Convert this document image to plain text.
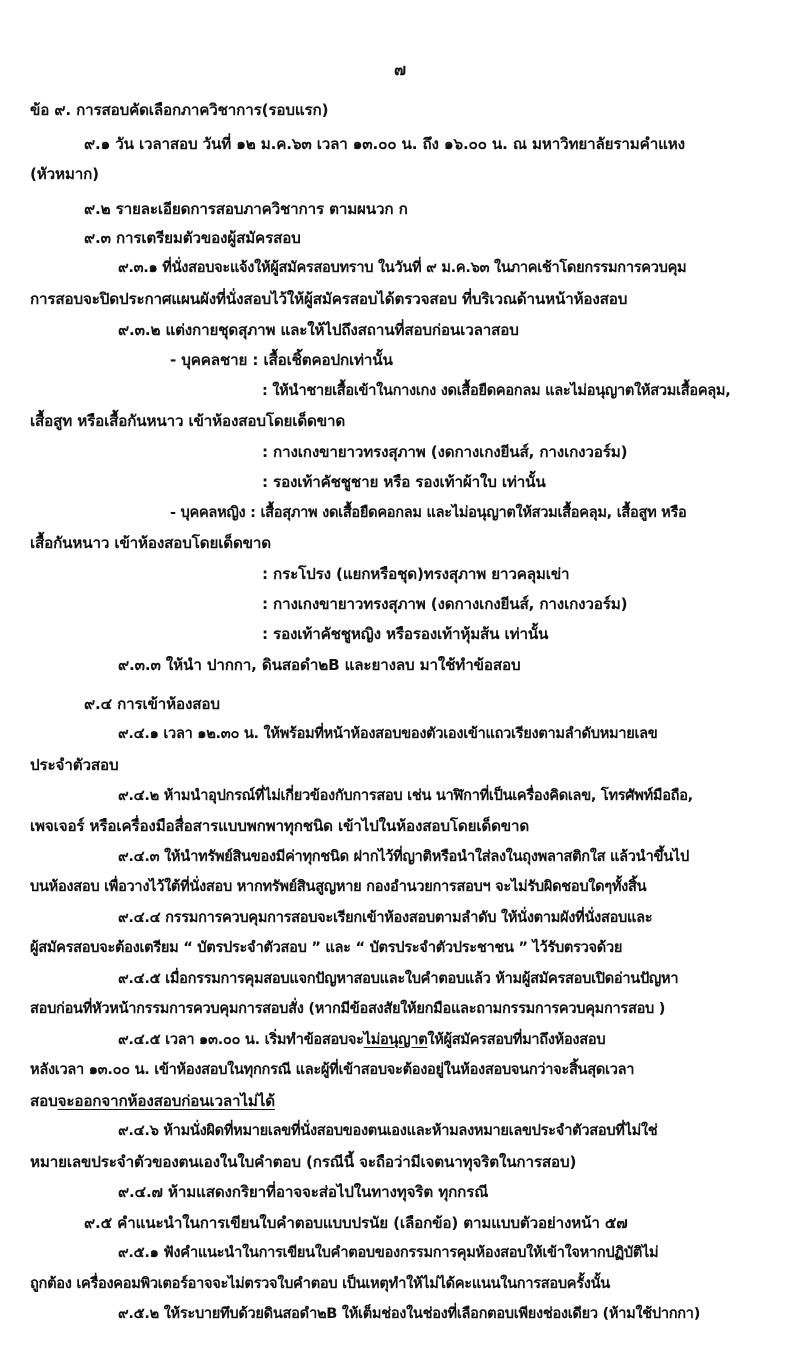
๗
ข้อ ๙. การสอบคัดเลือกภาควิชาการ(รอบแรก)
๙.๑ วัน เวลาสอบ วันที่ ๑๒ ม.ค.๖๓ เวลา ๑๓.๐๐ น. ถึง ๑๖.๐๐ น. ณ มหาวิทยาลัยรามคำแหง
(หัวหมาก)
๙.๒ รายละเอียดการสอบภาควิชาการ ตามผนวก ก
๙.๓ การเตรียมตัวของผู้สมัครสอบ
๙.๓.๑ ที่นั่งสอบจะแจ้งให้ผู้สมัครสอบทราบ ในวันที่ ๙ ม.ค.๖๓ ในภาคเช้าโดยกรรมการควบคุม
การสอบจะปิดประกาศแผนผังที่นั่งสอบไว้ให้ผู้สมัครสอบได้ตรวจสอบ ที่บริเวณด้านหน้าห้องสอบ
๙.๓.๒ แต่งกายชุดสุภาพ และให้ไปถึงสถานที่สอบก่อนเวลาสอบ
- บุคคลชาย : เสื้อเชิ้ตคอปกเท่านั้น
: ให้นำชายเสื้อเข้าในกางเกง งดเสื้อยืดคอกลม และไม่อนุญาตให้สวมเสื้อคลุม,
เสื้อสูท หรือเสื้อกันหนาว เข้าห้องสอบโดยเด็ดขาด
: กางเกงขายาวทรงสุภาพ (งดกางเกงยีนส์, กางเกงวอร์ม)
: รองเท้าคัชชูชาย หรือ รองเท้าผ้าใบ เท่านั้น
- บุคคลหญิง : เสื้อสุภาพ งดเสื้อยืดคอกลม และไม่อนุญาตให้สวมเสื้อคลุม, เสื้อสูท หรือ
เสื้อกันหนาว เข้าห้องสอบโดยเด็ดขาด
: กระโปรง (แยกหรือชุด)ทรงสุภาพ ยาวคลุมเข่า
: กางเกงขายาวทรงสุภาพ (งดกางเกงยีนส์, กางเกงวอร์ม)
: รองเท้าคัชชูหญิง หรือรองเท้าหุ้มส้น เท่านั้น
๙.๓.๓ ให้นำ ปากกา, ดินสอดำ๒B และยางลบ มาใช้ทำข้อสอบ
๙.๔ การเข้าห้องสอบ
๙.๔.๑ เวลา ๑๒.๓๐ น. ให้พร้อมที่หน้าห้องสอบของตัวเองเข้าแถวเรียงตามลำดับหมายเลข
ประจำตัวสอบ
๙.๔.๒ ห้ามนำอุปกรณ์ที่ไม่เกี่ยวข้องกับการสอบ เช่น นาฬิกาที่เป็นเครื่องคิดเลข, โทรศัพท์มือถือ,
เพจเจอร์ หรือเครื่องมือสื่อสารแบบพกพาทุกชนิด เข้าไปในห้องสอบโดยเด็ดขาด
๙.๔.๓ ให้นำทรัพย์สินของมีค่าทุกชนิด ฝากไว้ที่ญาติหรือนำใส่ลงในถุงพลาสติกใส แล้วนำขึ้นไป
บนห้องสอบ เพื่อวางไว้ใต้ที่นั่งสอบ หากทรัพย์สินสูญหาย กองอำนวยการสอบฯ จะไม่รับผิดชอบใดๆทั้งสิ้น
๙.๔.๔ กรรมการควบคุมการสอบจะเรียกเข้าห้องสอบตามลำดับ ให้นั่งตามผังที่นั่งสอบและ
ผู้สมัครสอบจะต้องเตรียม “ บัตรประจำตัวสอบ ” และ “ บัตรประจำตัวประชาชน ” ไว้รับตรวจด้วย
๙.๔.๕ เมื่อกรรมการคุมสอบแจกปัญหาสอบและใบคำตอบแล้ว ห้ามผู้สมัครสอบเปิดอ่านปัญหา
สอบก่อนที่หัวหน้ากรรมการควบคุมการสอบสั่ง (หากมีข้อสงสัยให้ยกมือและถามกรรมการควบคุมการสอบ )
๙.๔.๕ เวลา ๑๓.๐๐ น. เริ่มทำข้อสอบจะไม่อนุญาตให้ผู้สมัครสอบที่มาถึงห้องสอบ
หลังเวลา ๑๓.๐๐ น. เข้าห้องสอบในทุกกรณี และผู้ที่เข้าสอบจะต้องอยู่ในห้องสอบจนกว่าจะสิ้นสุดเวลา
สอบจะออกจากห้องสอบก่อนเวลาไม่ได้
๙.๔.๖ ห้ามนั่งผิดที่หมายเลขที่นั่งสอบของตนเองและห้ามลงหมายเลขประจำตัวสอบที่ไม่ใช่
หมายเลขประจำตัวของตนเองในใบคำตอบ (กรณีนี้ จะถือว่ามีเจตนาทุจริตในการสอบ)
๙.๔.๗ ห้ามแสดงกริยาที่อาจจะส่อไปในทางทุจริต ทุกกรณี
๙.๕ คำแนะนำในการเขียนใบคำตอบแบบปรนัย (เลือกข้อ) ตามแบบตัวอย่างหน้า ๕๗
๙.๕.๑ ฟังคำแนะนำในการเขียนใบคำตอบของกรรมการคุมห้องสอบให้เข้าใจหากปฏิบัติไม่
ถูกต้อง เครื่องคอมพิวเตอร์อาจจะไม่ตรวจใบคำตอบ เป็นเหตุทำให้ไม่ได้คะแนนในการสอบครั้งนั้น
๙.๕.๒ ให้ระบายทึบด้วยดินสอดำ๒B ให้เต็มช่องในช่องที่เลือกตอบเพียงช่องเดียว (ห้ามใช้ปากกา)
